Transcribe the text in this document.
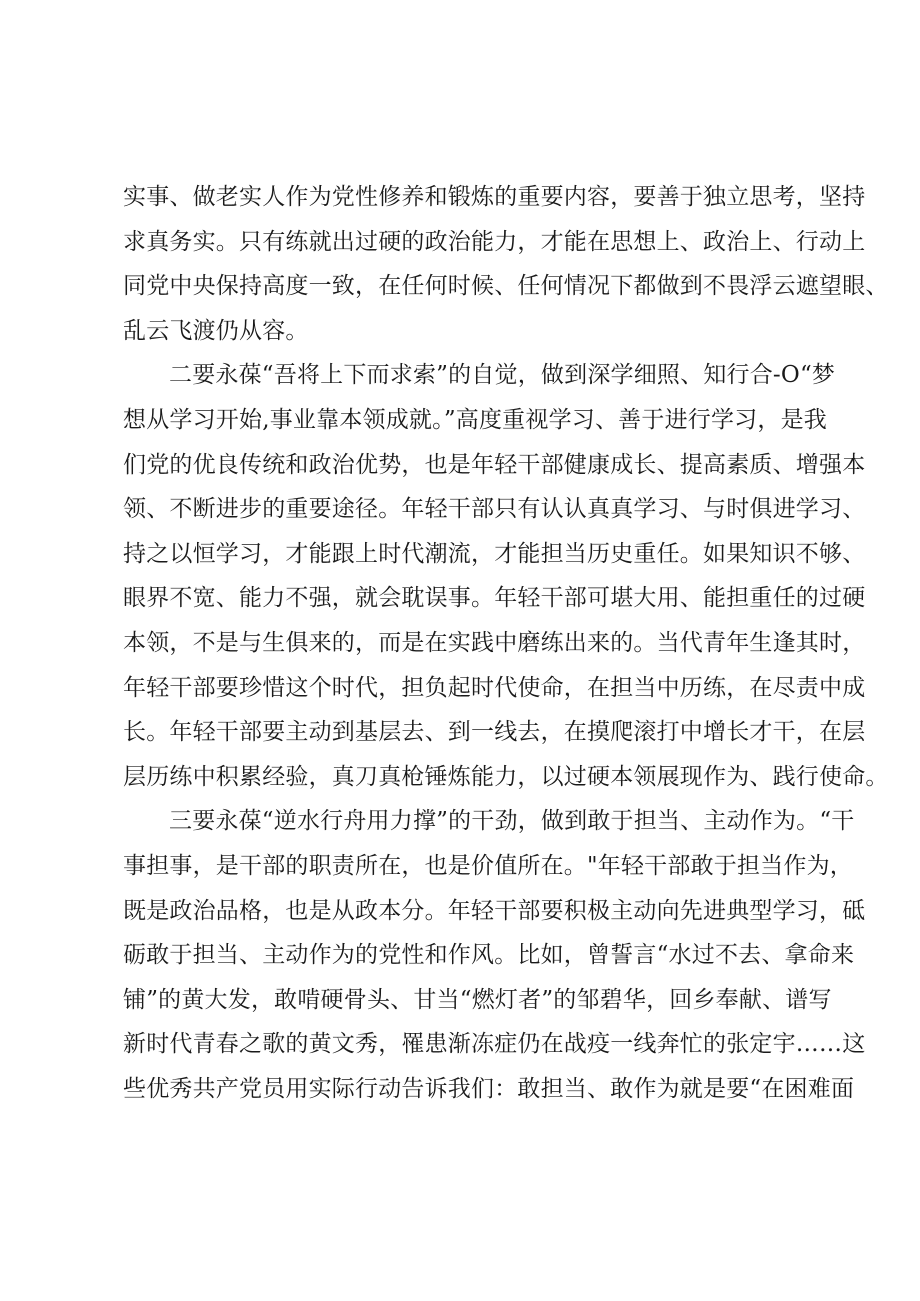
实事、做老实人作为党性修养和锻炼的重要内容，要善于独立思考，坚持
求真务实。只有练就出过硬的政治能力，才能在思想上、政治上、行动上
同党中央保持高度一致，在任何时候、任何情况下都做到不畏浮云遮望眼、
乱云飞渡仍从容。
二要永葆“吾将上下而求索”的自觉，做到深学细照、知行合-O“梦
想从学习开始,事业靠本领成就。”高度重视学习、善于进行学习，是我
们党的优良传统和政治优势，也是年轻干部健康成长、提高素质、增强本
领、不断进步的重要途径。年轻干部只有认认真真学习、与时俱进学习、
持之以恒学习，才能跟上时代潮流，才能担当历史重任。如果知识不够、
眼界不宽、能力不强，就会耽误事。年轻干部可堪大用、能担重任的过硬
本领，不是与生俱来的，而是在实践中磨练出来的。当代青年生逢其时，
年轻干部要珍惜这个时代，担负起时代使命，在担当中历练，在尽责中成
长。年轻干部要主动到基层去、到一线去，在摸爬滚打中增长才干，在层
层历练中积累经验，真刀真枪锤炼能力，以过硬本领展现作为、践行使命。
三要永葆“逆水行舟用力撑”的干劲，做到敢于担当、主动作为。“干
事担事，是干部的职责所在，也是价值所在。"年轻干部敢于担当作为，
既是政治品格，也是从政本分。年轻干部要积极主动向先进典型学习，砥
砺敢于担当、主动作为的党性和作风。比如，曾誓言“水过不去、拿命来
铺”的黄大发，敢啃硬骨头、甘当“燃灯者”的邹碧华，回乡奉献、谱写
新时代青春之歌的黄文秀，罹患渐冻症仍在战疫一线奔忙的张定宇……这
些优秀共产党员用实际行动告诉我们：敢担当、敢作为就是要“在困难面
